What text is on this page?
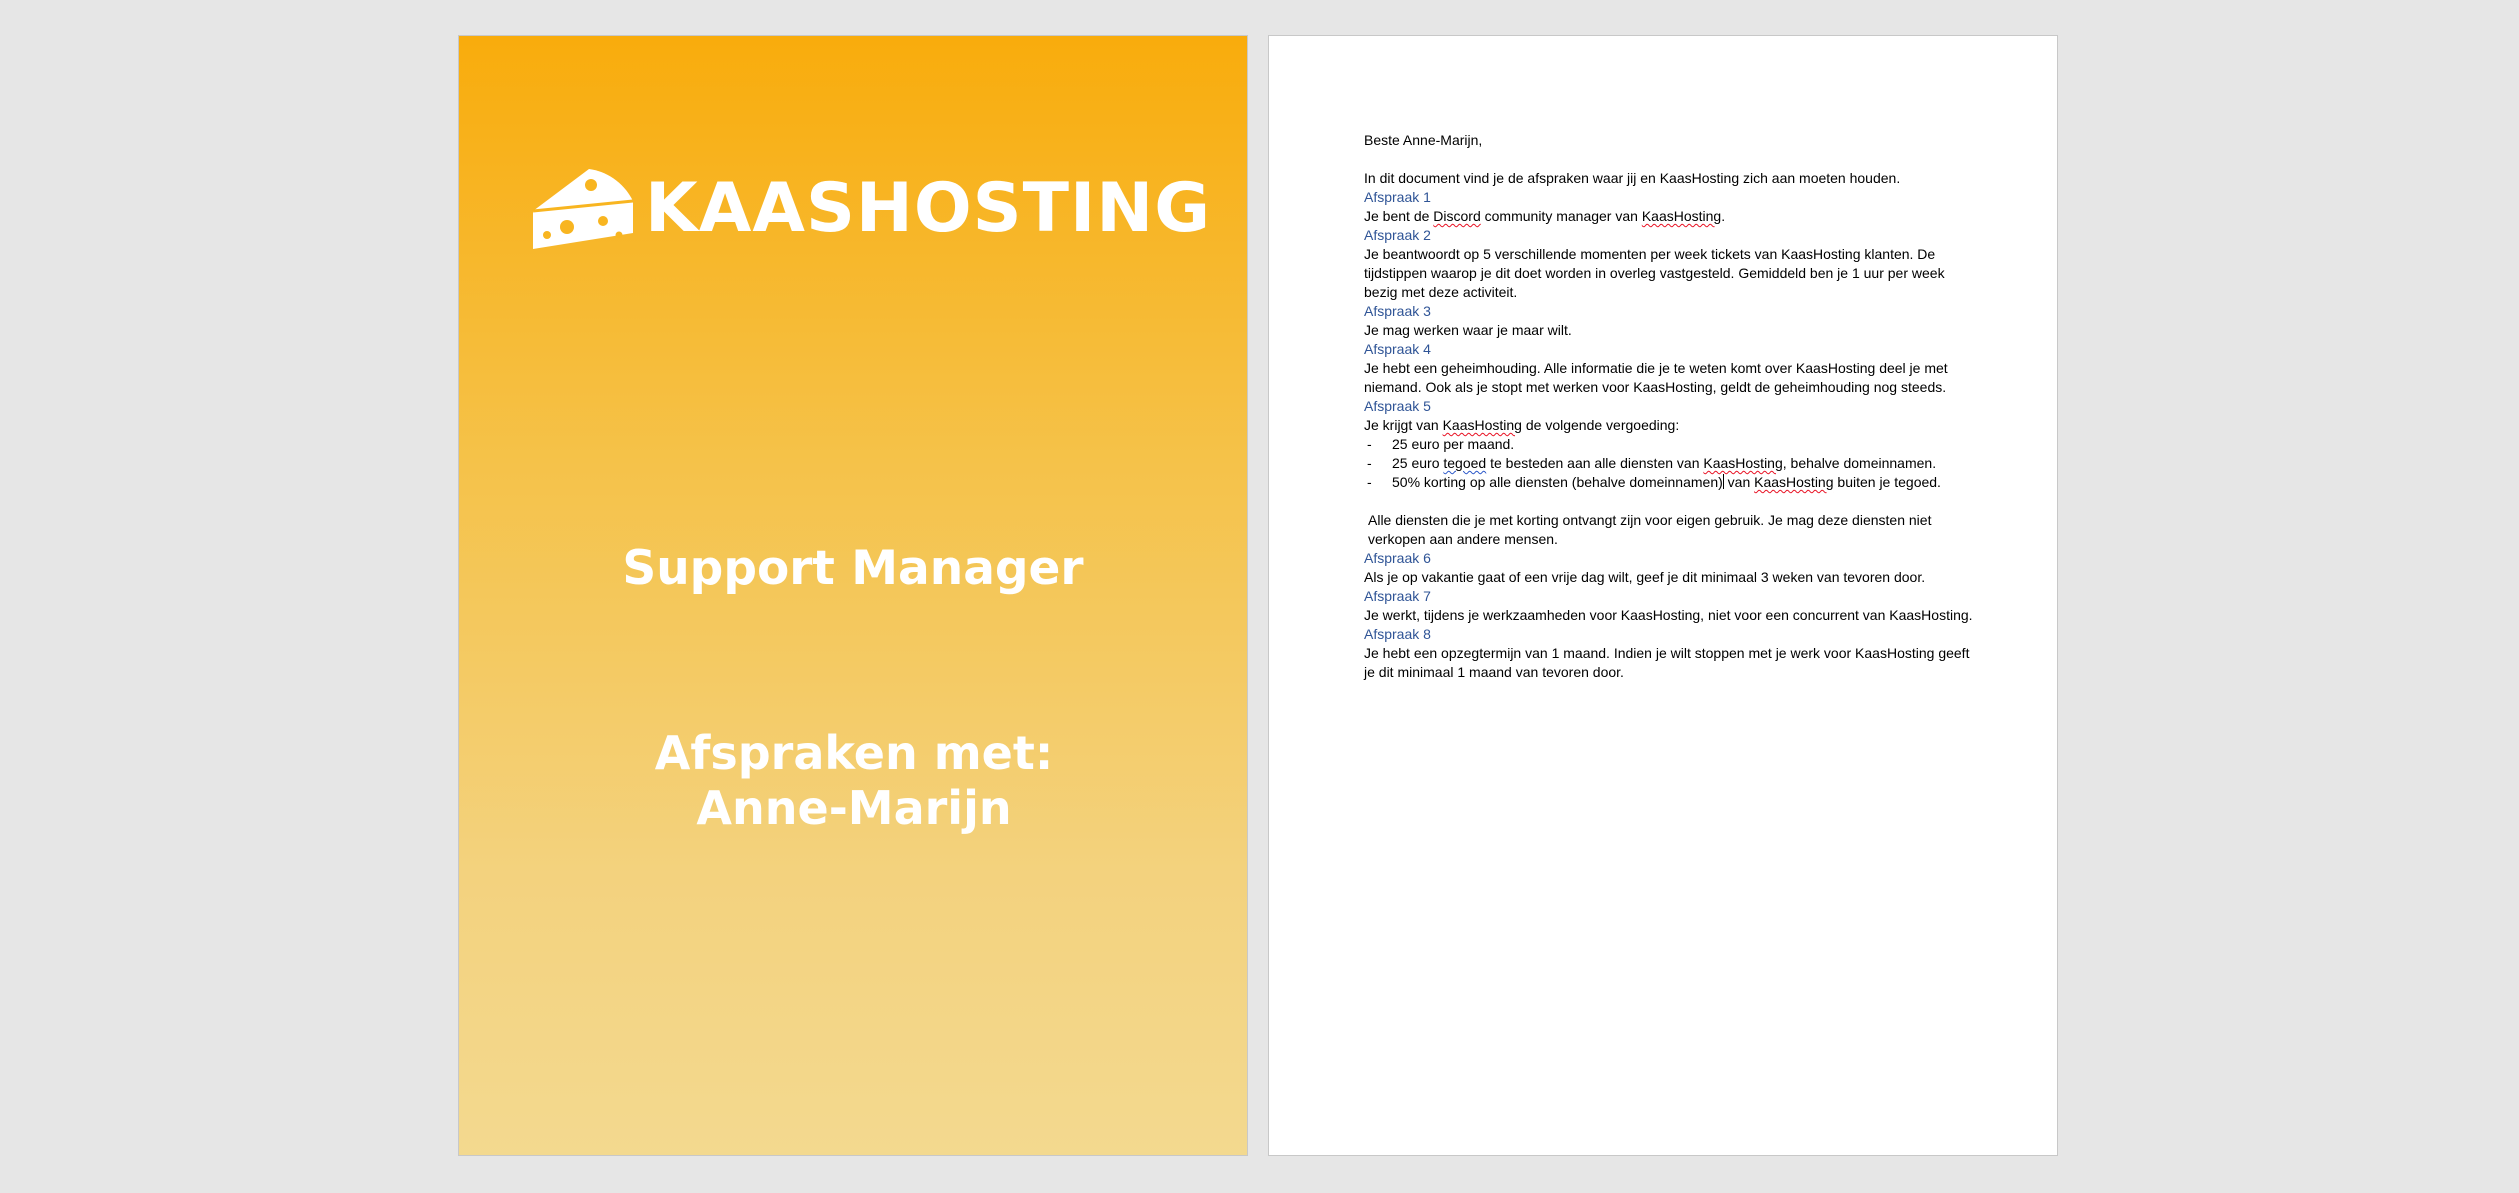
KAASHOSTING
Support Manager
Afspraken met:
Anne-Marijn

Beste Anne-Marijn,

In dit document vind je de afspraken waar jij en KaasHosting zich aan moeten houden.

Afspraak 1

Je bent de Discord community manager van KaasHosting.

Afspraak 2

Je beantwoordt op 5 verschillende momenten per week tickets van KaasHosting klanten. De tijdstippen waarop je dit doet worden in overleg vastgesteld. Gemiddeld ben je 1 uur per week bezig met deze activiteit.

Afspraak 3

Je mag werken waar je maar wilt.

Afspraak 4

Je hebt een geheimhouding. Alle informatie die je te weten komt over KaasHosting deel je met niemand. Ook als je stopt met werken voor KaasHosting, geldt de geheimhouding nog steeds.

Afspraak 5

Je krijgt van KaasHosting de volgende vergoeding:

- 25 euro per maand.
- 25 euro tegoed te besteden aan alle diensten van KaasHosting, behalve domeinnamen.
- 50% korting op alle diensten (behalve domeinnamen) van KaasHosting buiten je tegoed.

Alle diensten die je met korting ontvangt zijn voor eigen gebruik. Je mag deze diensten niet verkopen aan andere mensen.

Afspraak 6

Als je op vakantie gaat of een vrije dag wilt, geef je dit minimaal 3 weken van tevoren door.

Afspraak 7

Je werkt, tijdens je werkzaamheden voor KaasHosting, niet voor een concurrent van KaasHosting.

Afspraak 8

Je hebt een opzegtermijn van 1 maand. Indien je wilt stoppen met je werk voor KaasHosting geeft je dit minimaal 1 maand van tevoren door.
